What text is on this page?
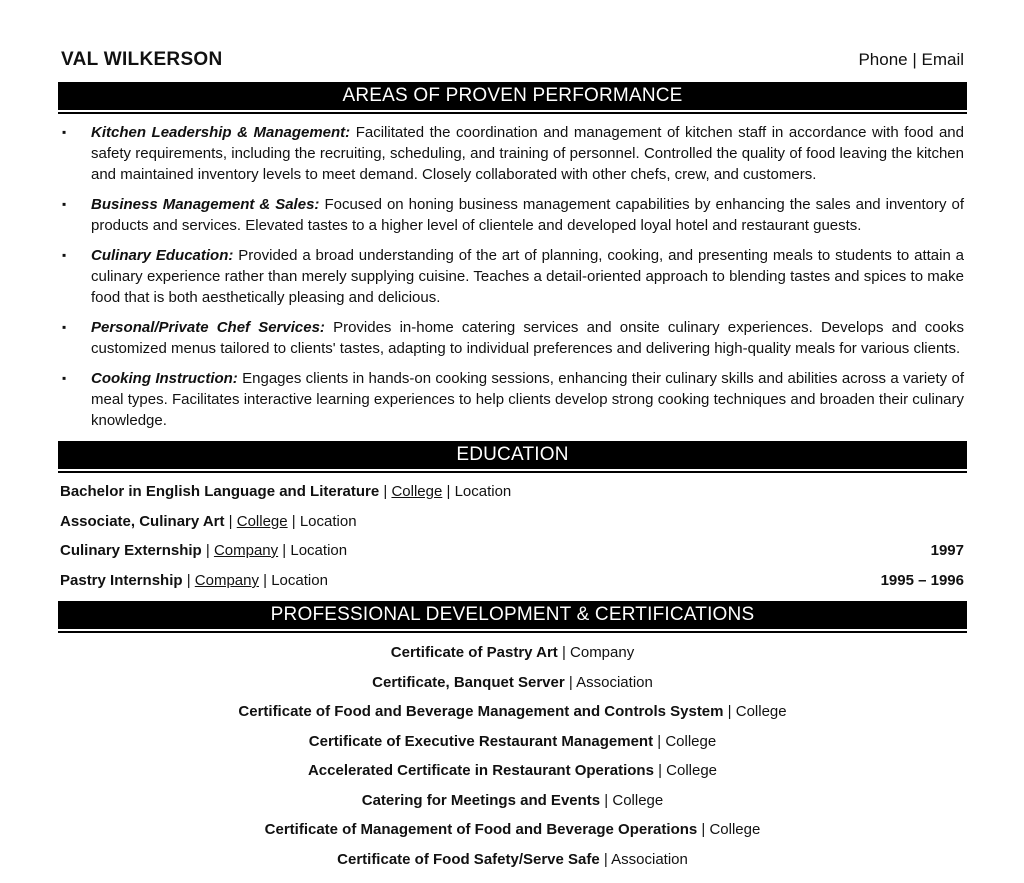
VAL WILKERSON	Phone | Email
AREAS OF PROVEN PERFORMANCE
▪ Kitchen Leadership & Management: Facilitated the coordination and management of kitchen staff in accordance with food and safety requirements, including the recruiting, scheduling, and training of personnel. Controlled the quality of food leaving the kitchen and maintained inventory levels to meet demand. Closely collaborated with other chefs, crew, and customers.
▪ Business Management & Sales: Focused on honing business management capabilities by enhancing the sales and inventory of products and services. Elevated tastes to a higher level of clientele and developed loyal hotel and restaurant guests.
▪ Culinary Education: Provided a broad understanding of the art of planning, cooking, and presenting meals to students to attain a culinary experience rather than merely supplying cuisine. Teaches a detail-oriented approach to blending tastes and spices to make food that is both aesthetically pleasing and delicious.
▪ Personal/Private Chef Services: Provides in-home catering services and onsite culinary experiences. Develops and cooks customized menus tailored to clients' tastes, adapting to individual preferences and delivering high-quality meals for various clients.
▪ Cooking Instruction: Engages clients in hands-on cooking sessions, enhancing their culinary skills and abilities across a variety of meal types. Facilitates interactive learning experiences to help clients develop strong cooking techniques and broaden their culinary knowledge.
EDUCATION
Bachelor in English Language and Literature | College | Location
Associate, Culinary Art | College | Location
Culinary Externship | Company | Location	1997
Pastry Internship | Company | Location	1995 – 1996
PROFESSIONAL DEVELOPMENT & CERTIFICATIONS
Certificate of Pastry Art | Company
Certificate, Banquet Server | Association
Certificate of Food and Beverage Management and Controls System | College
Certificate of Executive Restaurant Management | College
Accelerated Certificate in Restaurant Operations | College
Catering for Meetings and Events | College
Certificate of Management of Food and Beverage Operations | College
Certificate of Food Safety/Serve Safe | Association
